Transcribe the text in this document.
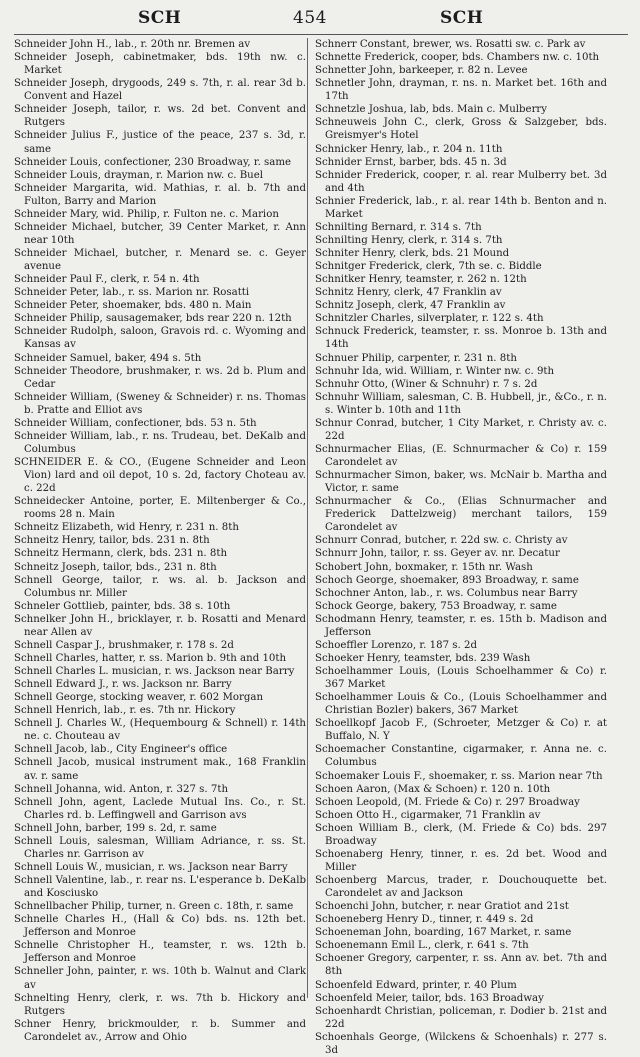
SCH	454	SCH

Schneider John H., lab., r. 20th nr. Bremen av

Schneider Joseph, cabinetmaker, bds. 19th nw. c. Market

Schneider Joseph, drygoods, 249 s. 7th, r. al. rear 3d b. Convent and Hazel

Schneider Joseph, tailor, r. ws. 2d bet. Convent and Rutgers

Schneider Julius F., justice of the peace, 237 s. 3d, r. same

Schneider Louis, confectioner, 230 Broadway, r. same

Schneider Louis, drayman, r. Marion nw. c. Buel

Schneider Margarita, wid. Mathias, r. al. b. 7th and Fulton, Barry and Marion

Schneider Mary, wid. Philip, r. Fulton ne. c. Marion

Schneider Michael, butcher, 39 Center Market, r. Ann near 10th

Schneider Michael, butcher, r. Menard se. c. Geyer avenue

Schneider Paul F., clerk, r. 54 n. 4th

Schneider Peter, lab., r. ss. Marion nr. Rosatti

Schneider Peter, shoemaker, bds. 480 n. Main

Schneider Philip, sausagemaker, bds rear 220 n. 12th

Schneider Rudolph, saloon, Gravois rd. c. Wyoming and Kansas av

Schneider Samuel, baker, 494 s. 5th

Schneider Theodore, brushmaker, r. ws. 2d b. Plum and Cedar

Schneider William, (Sweney & Schneider) r. ns. Thomas b. Pratte and Elliot avs

Schneider William, confectioner, bds. 53 n. 5th

Schneider William, lab., r. ns. Trudeau, bet. DeKalb and Columbus

SCHNEIDER E. & CO., (Eugene Schneider and Leon Vion) lard and oil depot, 10 s. 2d, factory Choteau av. c. 22d

Schneidecker Antoine, porter, E. Miltenberger & Co., rooms 28 n. Main

Schneitz Elizabeth, wid Henry, r. 231 n. 8th

Schneitz Henry, tailor, bds. 231 n. 8th

Schneitz Hermann, clerk, bds. 231 n. 8th

Schneitz Joseph, tailor, bds., 231 n. 8th

Schnell George, tailor, r. ws. al. b. Jackson and Columbus nr. Miller

Schneler Gottlieb, painter, bds. 38 s. 10th

Schnelker John H., bricklayer, r. b. Rosatti and Menard near Allen av

Schnell Caspar J., brushmaker, r. 178 s. 2d

Schnell Charles, hatter, r. ss. Marion b. 9th and 10th

Schnell Charles L. musician, r. ws. Jackson near Barry

Schnell Edward J., r. ws. Jackson nr. Barry

Schnell George, stocking weaver, r. 602 Morgan

Schnell Henrich, lab., r. es. 7th nr. Hickory

Schnell J. Charles W., (Hequembourg & Schnell) r. 14th ne. c. Chouteau av

Schnell Jacob, lab., City Engineer's office

Schnell Jacob, musical instrument mak., 168 Franklin av. r. same

Schnell Johanna, wid. Anton, r. 327 s. 7th

Schnell John, agent, Laclede Mutual Ins. Co., r. St. Charles rd. b. Leffingwell and Garrison avs

Schnell John, barber, 199 s. 2d, r. same

Schnell Louis, salesman, William Adriance, r. ss. St. Charles nr. Garrison av

Schnell Louis W., musician, r. ws. Jackson near Barry

Schnell Valentine, lab., r. rear ns. L'esperance b. DeKalb and Kosciusko

Schnellbacher Philip, turner, n. Green c. 18th, r. same

Schnelle Charles H., (Hall & Co) bds. ns. 12th bet. Jefferson and Monroe

Schnelle Christopher H., teamster, r. ws. 12th b. Jefferson and Monroe

Schneller John, painter, r. ws. 10th b. Walnut and Clark av

Schnelting Henry, clerk, r. ws. 7th b. Hickory and Rutgers

Schner Henry, brickmoulder, r. b. Summer and Carondelet av., Arrow and Ohio

Schnerr Constant, brewer, ws. Rosatti sw. c. Park av

Schnette Frederick, cooper, bds. Chambers nw. c. 10th

Schnetter John, barkeeper, r. 82 n. Levee

Schnetler John, drayman, r. ns. n. Market bet. 16th and 17th

Schnetzle Joshua, lab, bds. Main c. Mulberry

Schneuweis John C., clerk, Gross & Salzgeber, bds. Greismyer's Hotel

Schnicker Henry, lab., r. 204 n. 11th

Schnider Ernst, barber, bds. 45 n. 3d

Schnider Frederick, cooper, r. al. rear Mulberry bet. 3d and 4th

Schnier Frederick, lab., r. al. rear 14th b. Benton and n. Market

Schnilting Bernard, r. 314 s. 7th

Schnilting Henry, clerk, r. 314 s. 7th

Schniter Henry, clerk, bds. 21 Mound

Schnitger Frederick, clerk, 7th se. c. Biddle

Schnitker Henry, teamster, r. 262 n. 12th

Schnitz Henry, clerk, 47 Franklin av

Schnitz Joseph, clerk, 47 Franklin av

Schnitzler Charles, silverplater, r. 122 s. 4th

Schnuck Frederick, teamster, r. ss. Monroe b. 13th and 14th

Schnuer Philip, carpenter, r. 231 n. 8th

Schnuhr Ida, wid. William, r. Winter nw. c. 9th

Schnuhr Otto, (Winer & Schnuhr) r. 7 s. 2d

Schnuhr William, salesman, C. B. Hubbell, jr., &Co., r. n. s. Winter b. 10th and 11th

Schnur Conrad, butcher, 1 City Market, r. Christy av. c. 22d

Schnurmacher Elias, (E. Schnurmacher & Co) r. 159 Carondelet av

Schnurmacher Simon, baker, ws. McNair b. Martha and Victor, r. same

Schnurmacher & Co., (Elias Schnurmacher and Frederick Dattelzweig) merchant tailors, 159 Carondelet av

Schnurr Conrad, butcher, r. 22d sw. c. Christy av

Schnurr John, tailor, r. ss. Geyer av. nr. Decatur

Schobert John, boxmaker, r. 15th nr. Wash

Schoch George, shoemaker, 893 Broadway, r. same

Schochner Anton, lab., r. ws. Columbus near Barry

Schock George, bakery, 753 Broadway, r. same

Schodmann Henry, teamster, r. es. 15th b. Madison and Jefferson

Schoeffler Lorenzo, r. 187 s. 2d

Schoeker Henry, teamster, bds. 239 Wash

Schoelhammer Louis, (Louis Schoelhammer & Co) r. 367 Market

Schoelhammer Louis & Co., (Louis Schoelhammer and Christian Bozler) bakers, 367 Market

Schoellkopf Jacob F., (Schroeter, Metzger & Co) r. at Buffalo, N. Y

Schoemacher Constantine, cigarmaker, r. Anna ne. c. Columbus

Schoemaker Louis F., shoemaker, r. ss. Marion near 7th

Schoen Aaron, (Max & Schoen) r. 120 n. 10th

Schoen Leopold, (M. Friede & Co) r. 297 Broadway

Schoen Otto H., cigarmaker, 71 Franklin av

Schoen William B., clerk, (M. Friede & Co) bds. 297 Broadway

Schoenaberg Henry, tinner, r. es. 2d bet. Wood and Miller

Schoenberg Marcus, trader, r. Douchouquette bet. Carondelet av and Jackson

Schoenchi John, butcher, r. near Gratiot and 21st

Schoeneberg Henry D., tinner, r. 449 s. 2d

Schoeneman John, boarding, 167 Market, r. same

Schoenemann Emil L., clerk, r. 641 s. 7th

Schoener Gregory, carpenter, r. ss. Ann av. bet. 7th and 8th

Schoenfeld Edward, printer, r. 40 Plum

Schoenfeld Meier, tailor, bds. 163 Broadway

Schoenhardt Christian, policeman, r. Dodier b. 21st and 22d

Schoenhals George, (Wilckens & Schoenhals) r. 277 s. 3d
